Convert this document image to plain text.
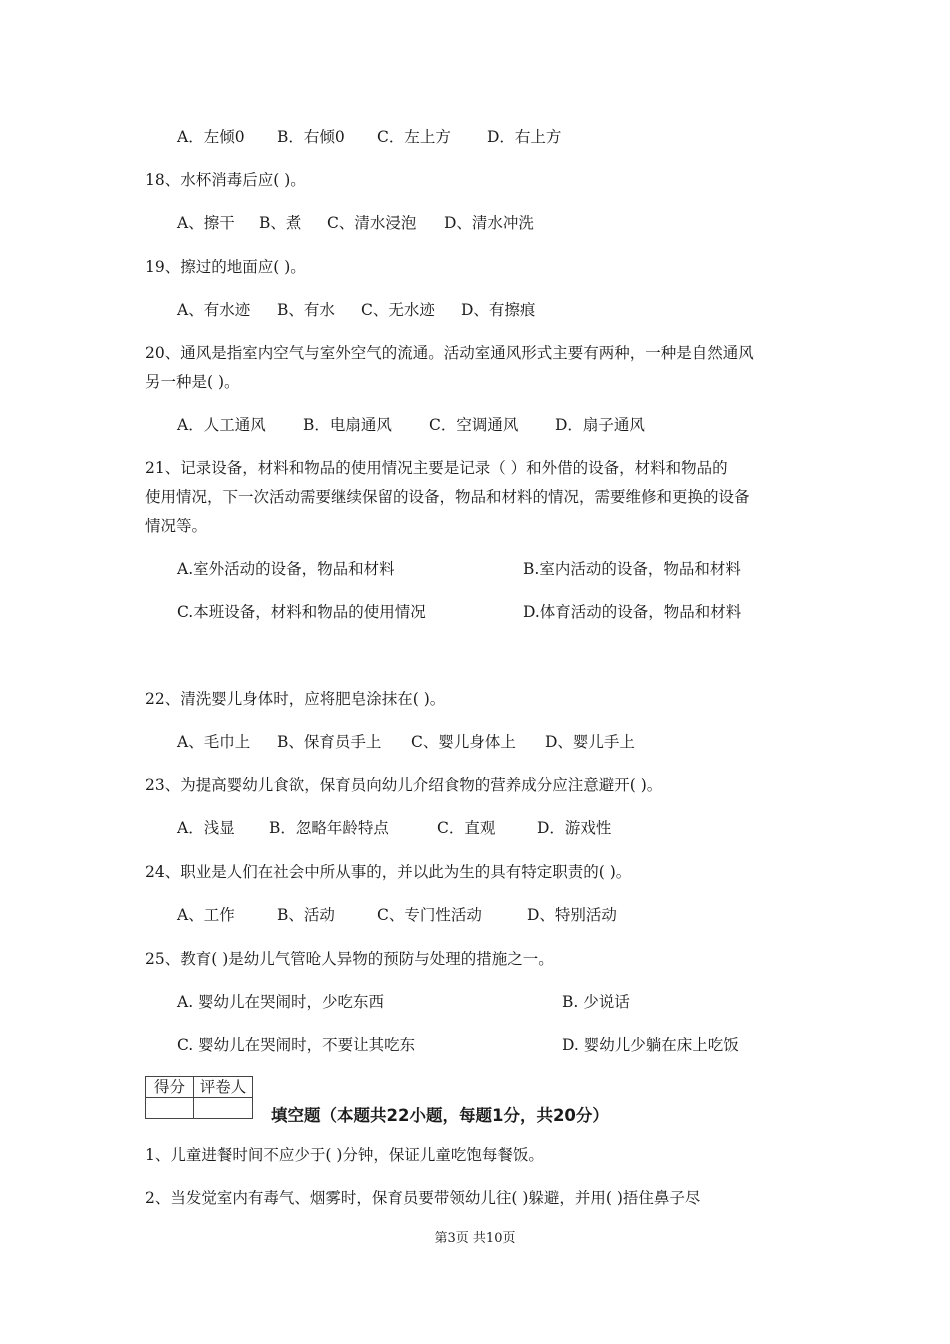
A．左倾0 B．右倾0 C．左上方 D．右上方
18、水杯消毒后应( )。
A、擦干 B、煮 C、清水浸泡 D、清水冲洗
19、擦过的地面应( )。
A、有水迹 B、有水 C、无水迹 D、有擦痕
20、通风是指室内空气与室外空气的流通。活动室通风形式主要有两种，一种是自然通风
另一种是( )。
A．人工通风 B．电扇通风 C．空调通风 D．扇子通风
21、记录设备，材料和物品的使用情况主要是记录（ ）和外借的设备，材料和物品的
使用情况，下一次活动需要继续保留的设备，物品和材料的情况，需要维修和更换的设备
情况等。
A.室外活动的设备，物品和材料	B.室内活动的设备，物品和材料
C.本班设备，材料和物品的使用情况	D.体育活动的设备，物品和材料
22、清洗婴儿身体时，应将肥皂涂抹在( )。
A、毛巾上 B、保育员手上 C、婴儿身体上 D、婴儿手上
23、为提高婴幼儿食欲，保育员向幼儿介绍食物的营养成分应注意避开( )。
A．浅显 B．忽略年龄特点	C．直观	D．游戏性
24、职业是人们在社会中所从事的，并以此为生的具有特定职责的( )。
A、工作	B、活动	C、专门性活动	D、特别活动
25、教育( )是幼儿气管呛人异物的预防与处理的措施之一。
A. 婴幼儿在哭闹时，少吃东西	B. 少说话
C. 婴幼儿在哭闹时，不要让其吃东	D. 婴幼儿少躺在床上吃饭
得分	评卷人

填空题（本题共22小题，每题1分，共20分）
1、儿童进餐时间不应少于( )分钟，保证儿童吃饱每餐饭。
2、当发觉室内有毒气、烟雾时，保育员要带领幼儿往( )躲避，并用( )捂住鼻子尽
第3页 共10页
